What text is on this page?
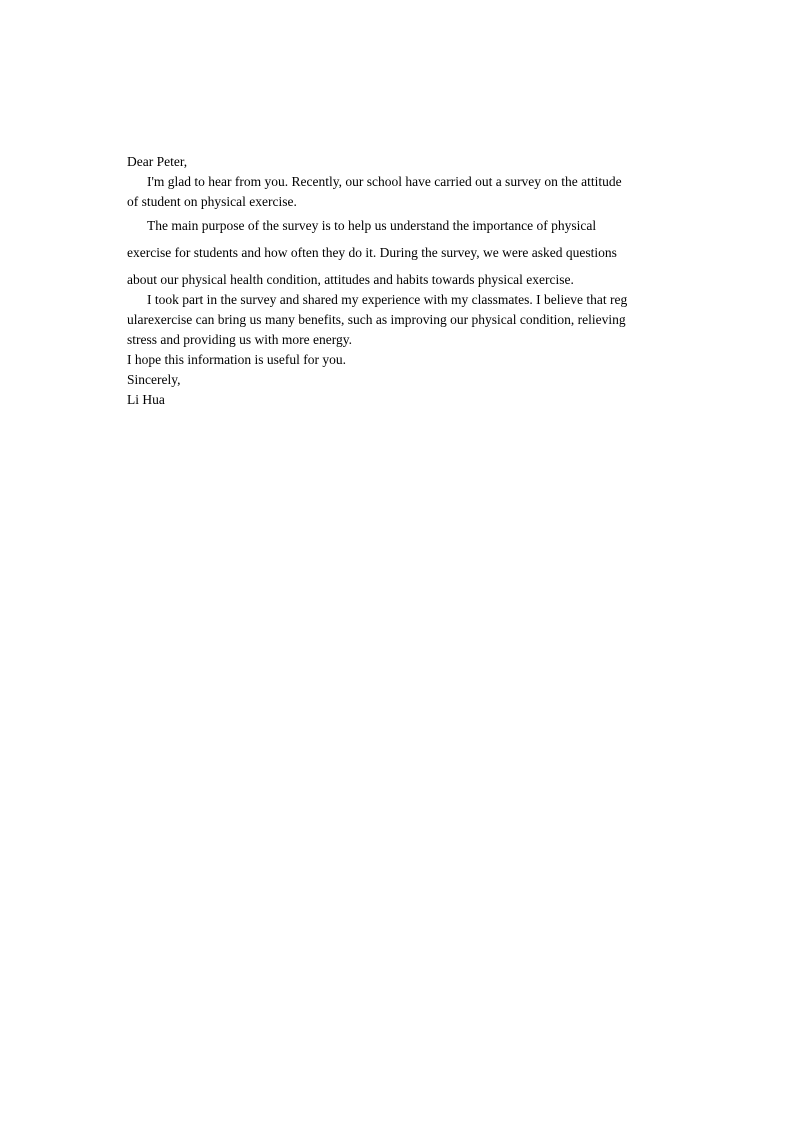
Dear Peter,
I'm glad to hear from you. Recently, our school have carried out a survey on the attitude
of student on physical exercise.
The main purpose of the survey is to help us understand the importance of physical
exercise for students and how often they do it. During the survey, we were asked questions
about our physical health condition, attitudes and habits towards physical exercise.
I took part in the survey and shared my experience with my classmates. I believe that reg
ularexercise can bring us many benefits, such as improving our physical condition, relieving
stress and providing us with more energy.
I hope this information is useful for you.
Sincerely,
Li Hua
